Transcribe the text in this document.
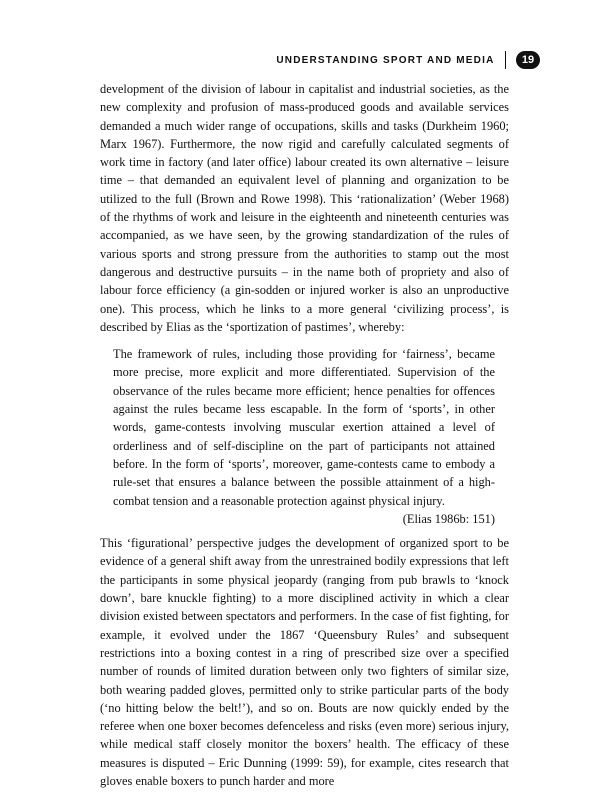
UNDERSTANDING SPORT AND MEDIA	19

development of the division of labour in capitalist and industrial societies, as the new complexity and profusion of mass-produced goods and available services demanded a much wider range of occupations, skills and tasks (Durkheim 1960; Marx 1967). Furthermore, the now rigid and carefully calculated segments of work time in factory (and later office) labour created its own alternative – leisure time – that demanded an equivalent level of planning and organization to be utilized to the full (Brown and Rowe 1998). This ‘rationalization’ (Weber 1968) of the rhythms of work and leisure in the eighteenth and nineteenth centuries was accompanied, as we have seen, by the growing standardization of the rules of various sports and strong pressure from the authorities to stamp out the most dangerous and destructive pursuits – in the name both of propriety and also of labour force efficiency (a gin-sodden or injured worker is also an unproductive one). This process, which he links to a more general ‘civilizing process’, is described by Elias as the ‘sportization of pastimes’, whereby:

The framework of rules, including those providing for ‘fairness’, became more precise, more explicit and more differentiated. Supervision of the observance of the rules became more efficient; hence penalties for offences against the rules became less escapable. In the form of ‘sports’, in other words, game-contests involving muscular exertion attained a level of orderliness and of self-discipline on the part of participants not attained before. In the form of ‘sports’, moreover, game-contests came to embody a rule-set that ensures a balance between the possible attainment of a high-combat tension and a reasonable protection against physical injury.

(Elias 1986b: 151)

This ‘figurational’ perspective judges the development of organized sport to be evidence of a general shift away from the unrestrained bodily expressions that left the participants in some physical jeopardy (ranging from pub brawls to ‘knock down’, bare knuckle fighting) to a more disciplined activity in which a clear division existed between spectators and performers. In the case of fist fighting, for example, it evolved under the 1867 ‘Queensbury Rules’ and subsequent restrictions into a boxing contest in a ring of prescribed size over a specified number of rounds of limited duration between only two fighters of similar size, both wearing padded gloves, permitted only to strike particular parts of the body (‘no hitting below the belt!’), and so on. Bouts are now quickly ended by the referee when one boxer becomes defenceless and risks (even more) serious injury, while medical staff closely monitor the boxers’ health. The efficacy of these measures is disputed – Eric Dunning (1999: 59), for example, cites research that gloves enable boxers to punch harder and more
